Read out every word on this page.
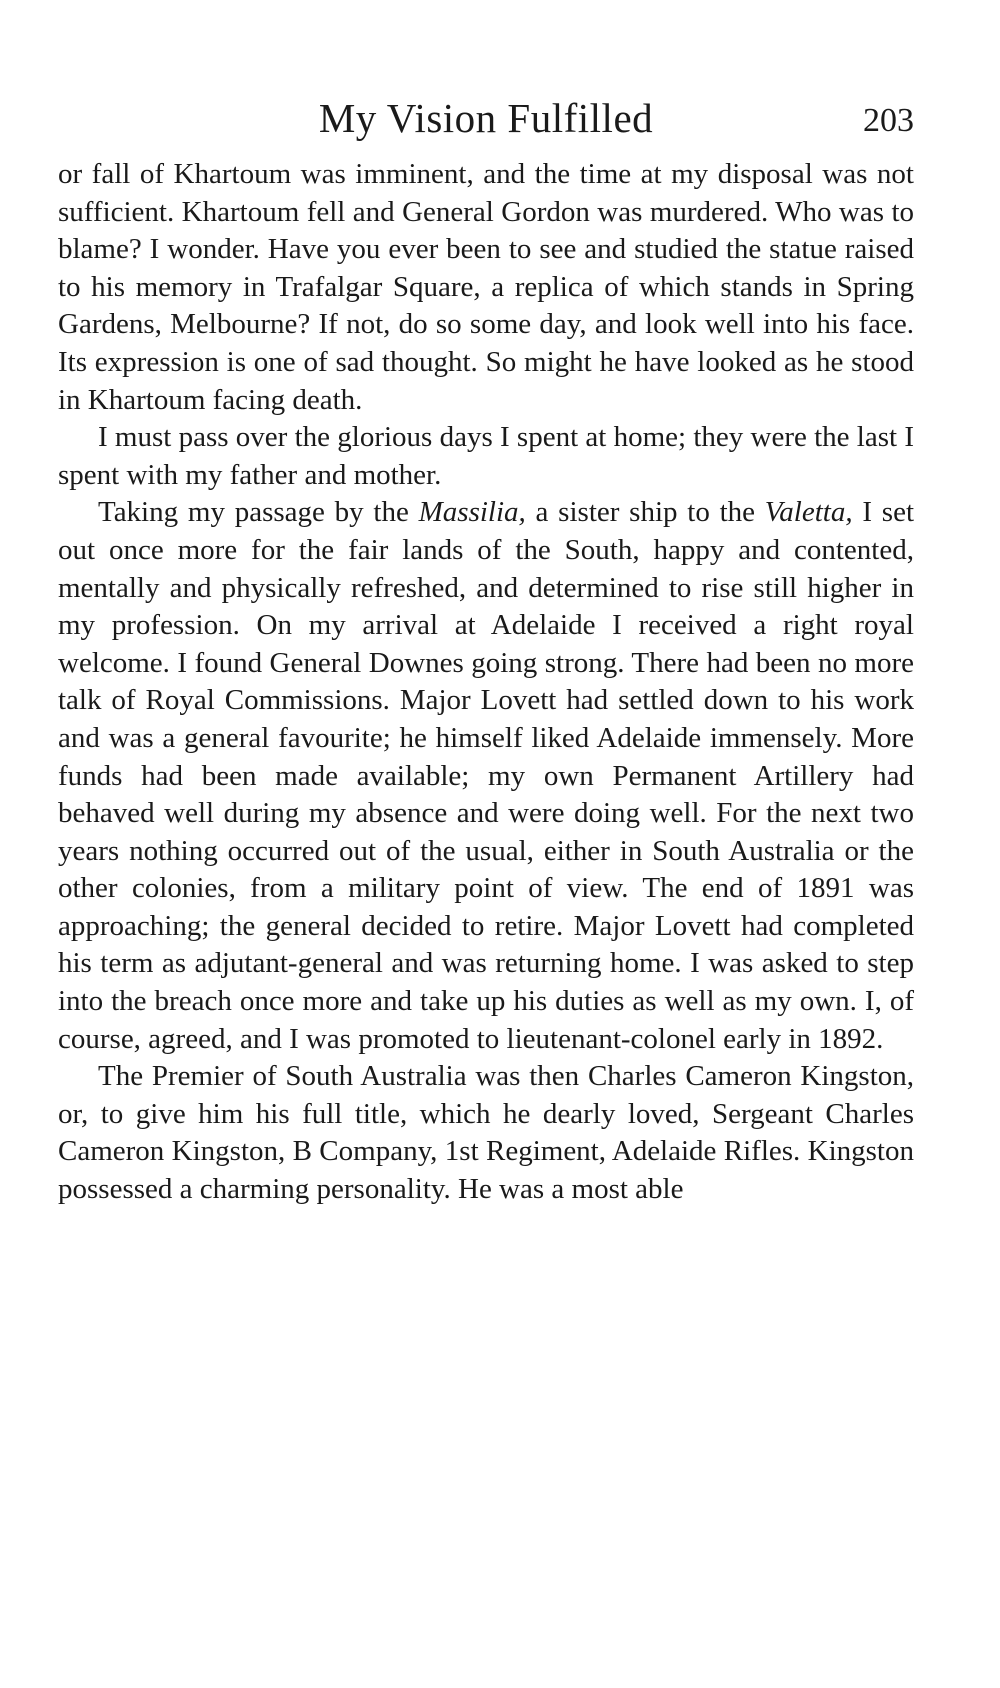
My Vision Fulfilled	203

or fall of Khartoum was imminent, and the time at my disposal was not sufficient. Khartoum fell and General Gordon was murdered. Who was to blame? I wonder. Have you ever been to see and studied the statue raised to his memory in Trafalgar Square, a replica of which stands in Spring Gardens, Melbourne? If not, do so some day, and look well into his face. Its expression is one of sad thought. So might he have looked as he stood in Khartoum facing death.

I must pass over the glorious days I spent at home; they were the last I spent with my father and mother.

Taking my passage by the Massilia, a sister ship to the Valetta, I set out once more for the fair lands of the South, happy and contented, mentally and physically refreshed, and determined to rise still higher in my profession. On my arrival at Adelaide I received a right royal welcome. I found General Downes going strong. There had been no more talk of Royal Commissions. Major Lovett had settled down to his work and was a general favourite; he himself liked Adelaide immensely. More funds had been made available; my own Permanent Artillery had behaved well during my absence and were doing well. For the next two years nothing occurred out of the usual, either in South Australia or the other colonies, from a military point of view. The end of 1891 was approaching; the general decided to retire. Major Lovett had completed his term as adjutant-general and was returning home. I was asked to step into the breach once more and take up his duties as well as my own. I, of course, agreed, and I was promoted to lieutenant-colonel early in 1892.

The Premier of South Australia was then Charles Cameron Kingston, or, to give him his full title, which he dearly loved, Sergeant Charles Cameron Kingston, B Company, 1st Regiment, Adelaide Rifles. Kingston possessed a charming personality. He was a most able
